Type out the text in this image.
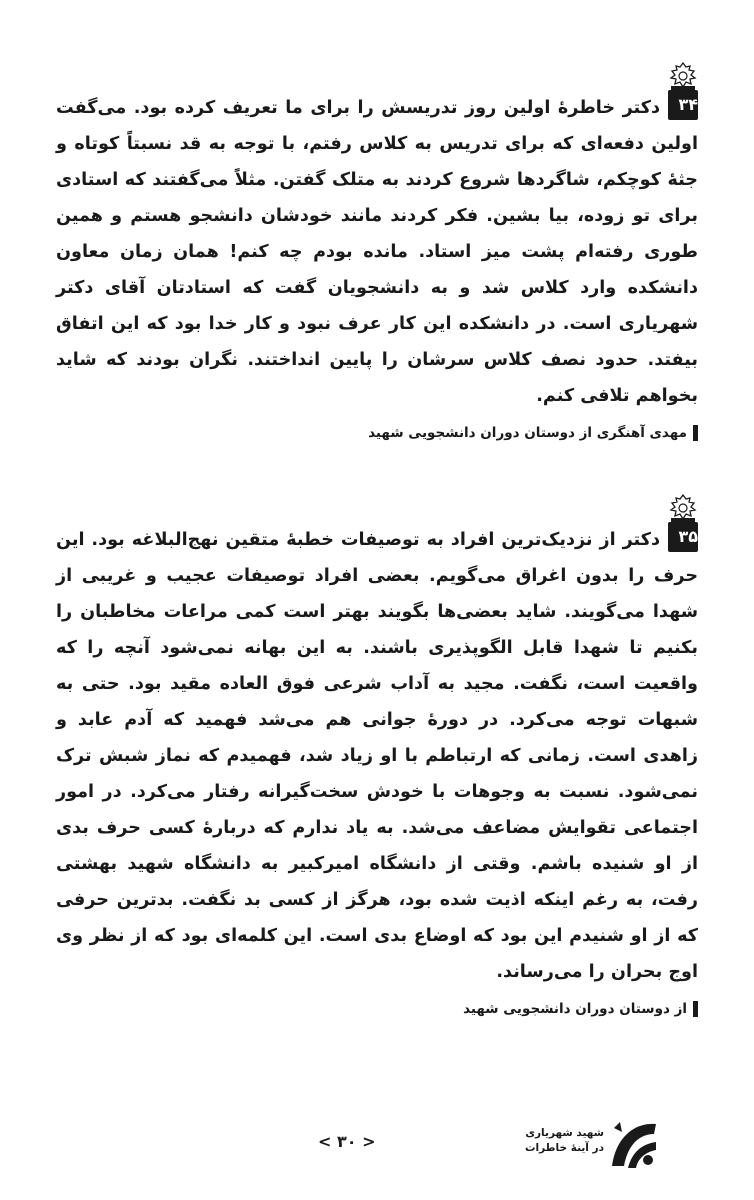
۳۴
دکتر خاطرهٔ اولین روز تدریسش را برای ما تعریف کرده بود. می‌گفت اولین دفعه‌ای که برای تدریس به کلاس رفتم، با توجه به قد نسبتاً کوتاه و جثهٔ کوچکم، شاگردها شروع کردند به متلک گفتن. مثلاً می‌گفتند که استادی برای تو زوده، بیا بشین. فکر کردند مانند خودشان دانشجو هستم و همین طوری رفته‌ام پشت میز استاد. مانده بودم چه کنم! همان زمان معاون دانشکده وارد کلاس شد و به دانشجویان گفت که استادتان آقای دکتر شهریاری است. در دانشکده این کار عرف نبود و کار خدا بود که این اتفاق بیفتد. حدود نصف کلاس سرشان را پایین انداختند. نگران بودند که شاید بخواهم تلافی کنم.

مهدی آهنگری از دوستان دوران دانشجویی شهید

۳۵
دکتر از نزدیک‌ترین افراد به توصیفات خطبهٔ متقین نهج‌البلاغه بود. این حرف را بدون اغراق می‌گویم. بعضی افراد توصیفات عجیب و غریبی از شهدا می‌گویند. شاید بعضی‌ها بگویند بهتر است کمی مراعات مخاطبان را بکنیم تا شهدا قابل الگوپذیری باشند. به این بهانه نمی‌شود آنچه را که واقعیت است، نگفت. مجید به آداب شرعی فوق العاده مقید بود. حتی به شبهات توجه می‌کرد. در دورهٔ جوانی هم می‌شد فهمید که آدم عابد و زاهدی است. زمانی که ارتباطم با او زیاد شد، فهمیدم که نماز شبش ترک نمی‌شود. نسبت به وجوهات با خودش سخت‌گیرانه رفتار می‌کرد. در امور اجتماعی تقوایش مضاعف می‌شد. به یاد ندارم که دربارهٔ کسی حرف بدی از او شنیده باشم. وقتی از دانشگاه امیرکبیر به دانشگاه شهید بهشتی رفت، به رغم اینکه اذیت شده بود، هرگز از کسی بد نگفت. بدترین حرفی که از او شنیدم این بود که اوضاع بدی است. این کلمه‌ای بود که از نظر وی اوج بحران را می‌رساند.

از دوستان دوران دانشجویی شهید
< ۳۰ >	شهید شهریاری
در آینهٔ خاطرات
